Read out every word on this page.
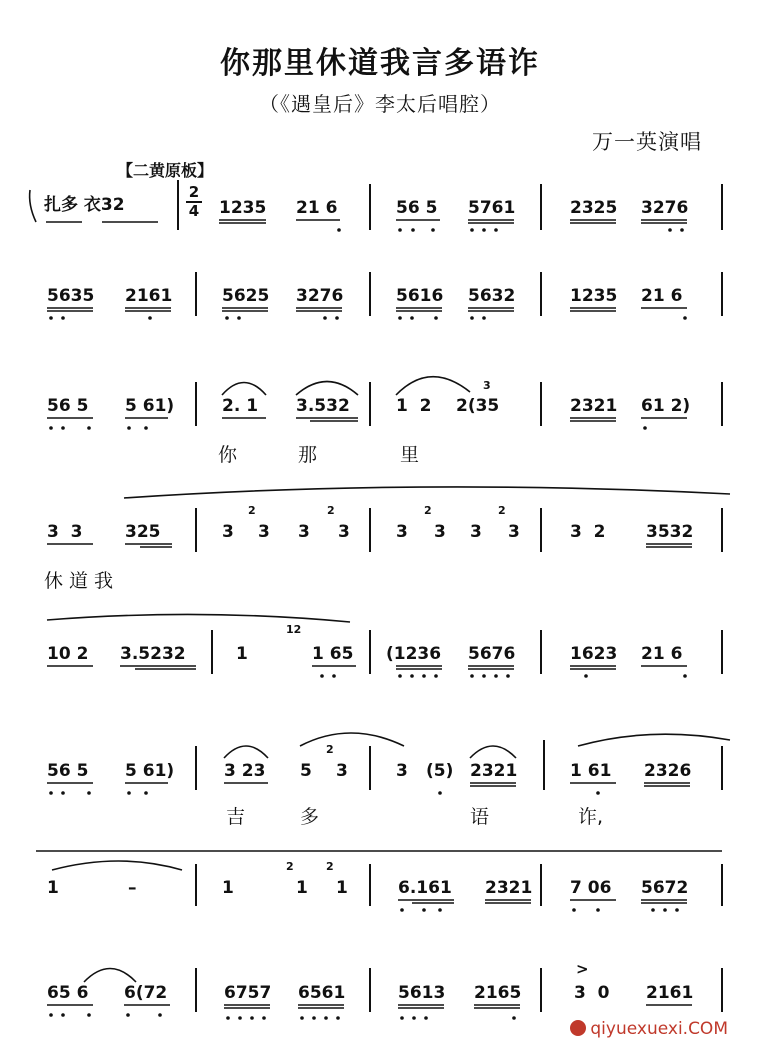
你那里休道我言多语诈
（《遇皇后》李太后唱腔）
万一英演唱
【二黄原板】
2
4
扎多 衣32	1235 21 6	56 5 5761	2325 3276
5635 2161	5625 3276	5616 5632	1235 21 6
56 5 5 61)	2. 1 3.532	1  2 2(35	2321 61 2)
你	那	里
3  3	325	3 3 3 3	3 3 3 3	3  2 3532
休道我
10 2 3.5232	1	1 65 (1236 5676	1623 21 6
56 5 5 61)	3 23 5 3	3 (5) 2321	1 61 2326
吉	多	语	诈,
1	–	1	1 1	6.161 2321 7 06 5672
65 6 6(72	6757 6561	5613 2165	3  0 2161
>
3
2	2	2	2
12
2
2	2
qiyuexuexi.COM
